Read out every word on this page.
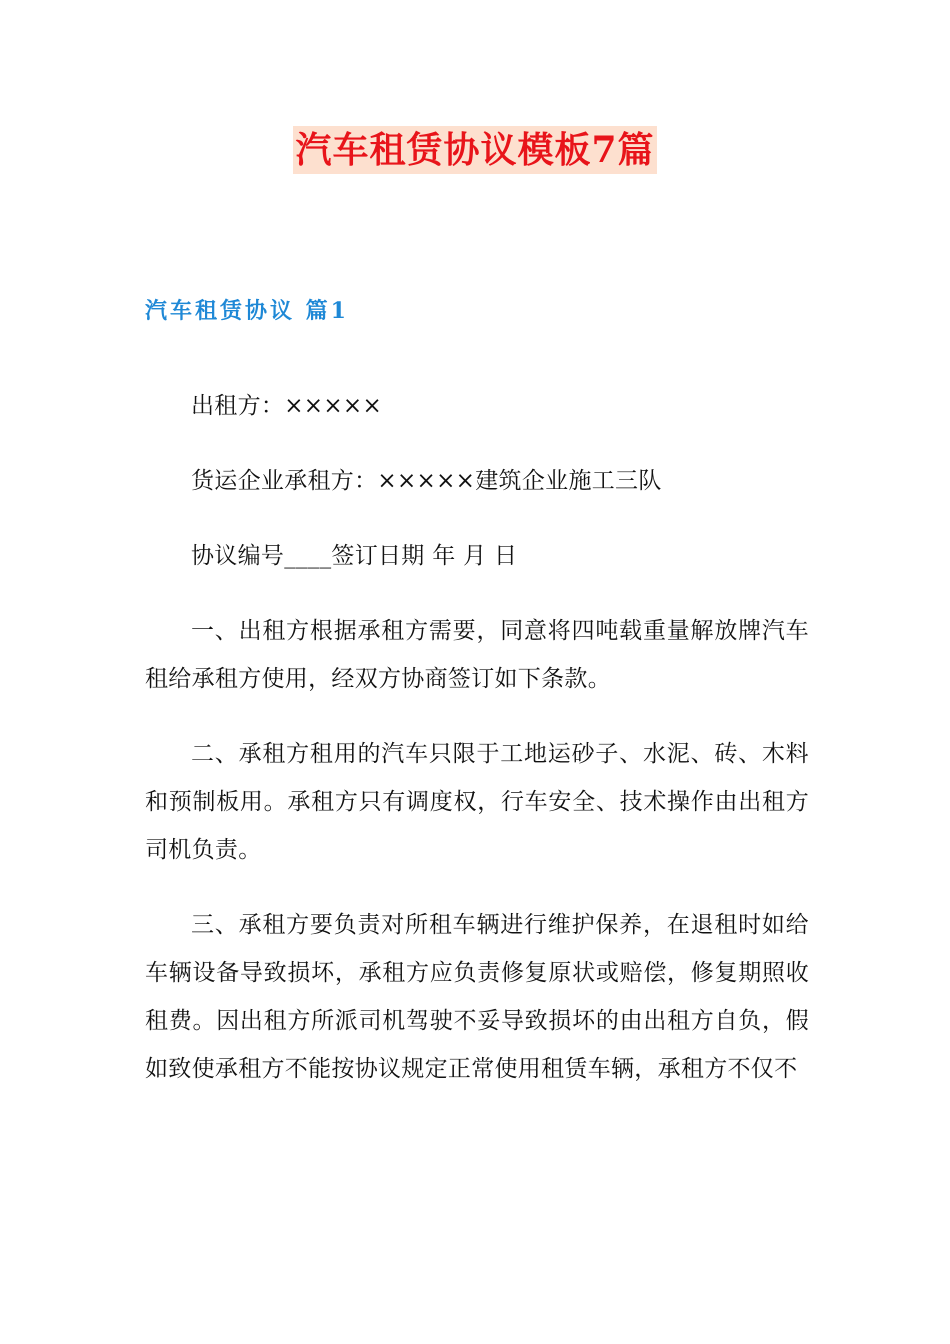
汽车租赁协议模板7篇
汽车租赁协议 篇1

出租方：×××××

货运企业承租方：×××××建筑企业施工三队

协议编号____签订日期 年 月 日

一、出租方根据承租方需要，同意将四吨载重量解放牌汽车租给承租方使用，经双方协商签订如下条款。

二、承租方租用的汽车只限于工地运砂子、水泥、砖、木料和预制板用。承租方只有调度权，行车安全、技术操作由出租方司机负责。

三、承租方要负责对所租车辆进行维护保养，在退租时如给车辆设备导致损坏，承租方应负责修复原状或赔偿，修复期照收租费。因出租方所派司机驾驶不妥导致损坏的由出租方自负，假如致使承租方不能按协议规定正常使用租赁车辆，承租方不仅不
